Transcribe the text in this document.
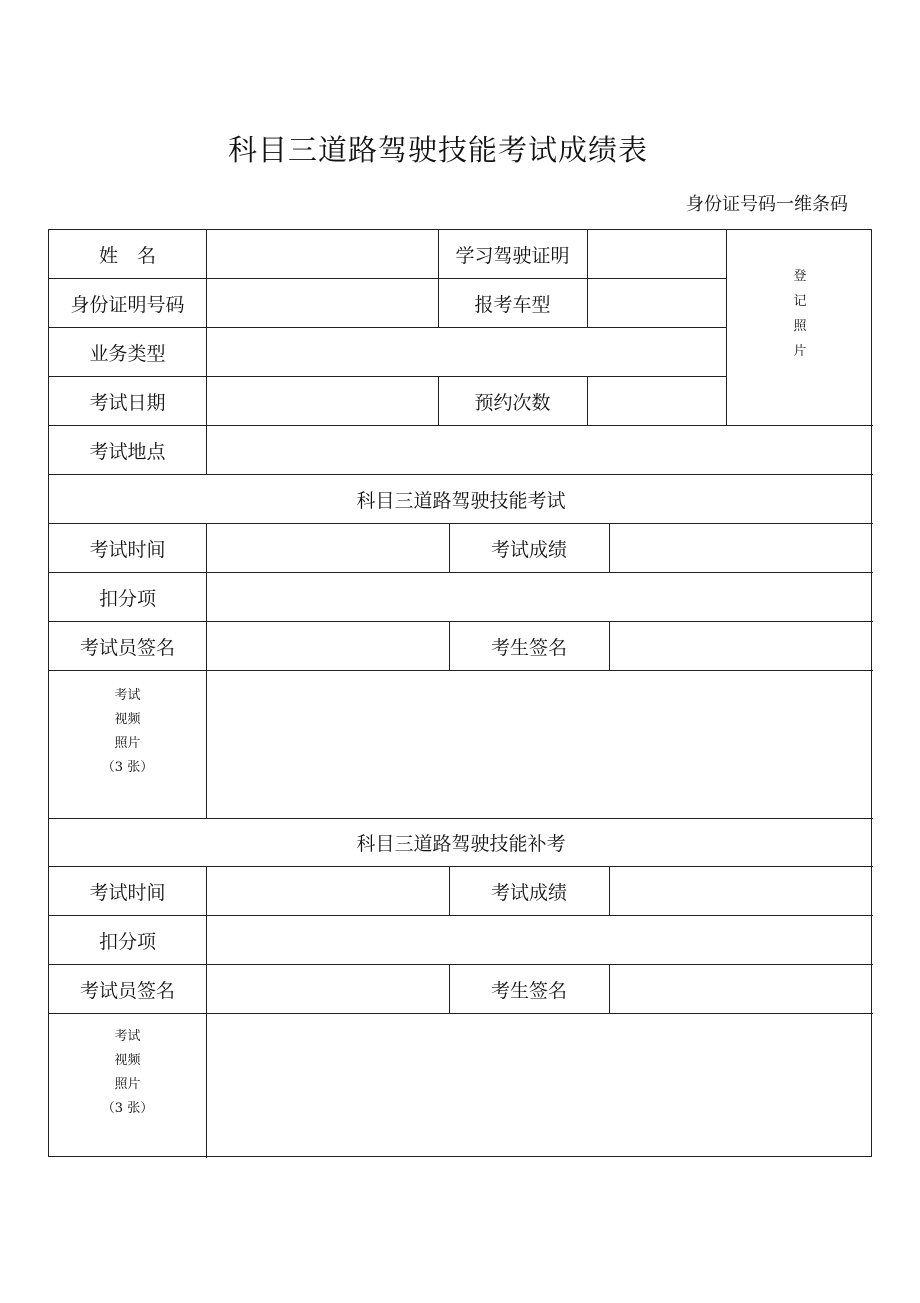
科目三道路驾驶技能考试成绩表
身份证号码一维条码
姓　名	学习驾驶证明
身份证明号码	报考车型
业务类型
考试日期	预约次数
登
记
照
片
考试地点
科目三道路驾驶技能考试
考试时间	考试成绩
扣分项
考试员签名	考生签名
考试
视频
照片
（3 张）
科目三道路驾驶技能补考
考试时间	考试成绩
扣分项
考试员签名	考生签名
考试
视频
照片
（3 张）
